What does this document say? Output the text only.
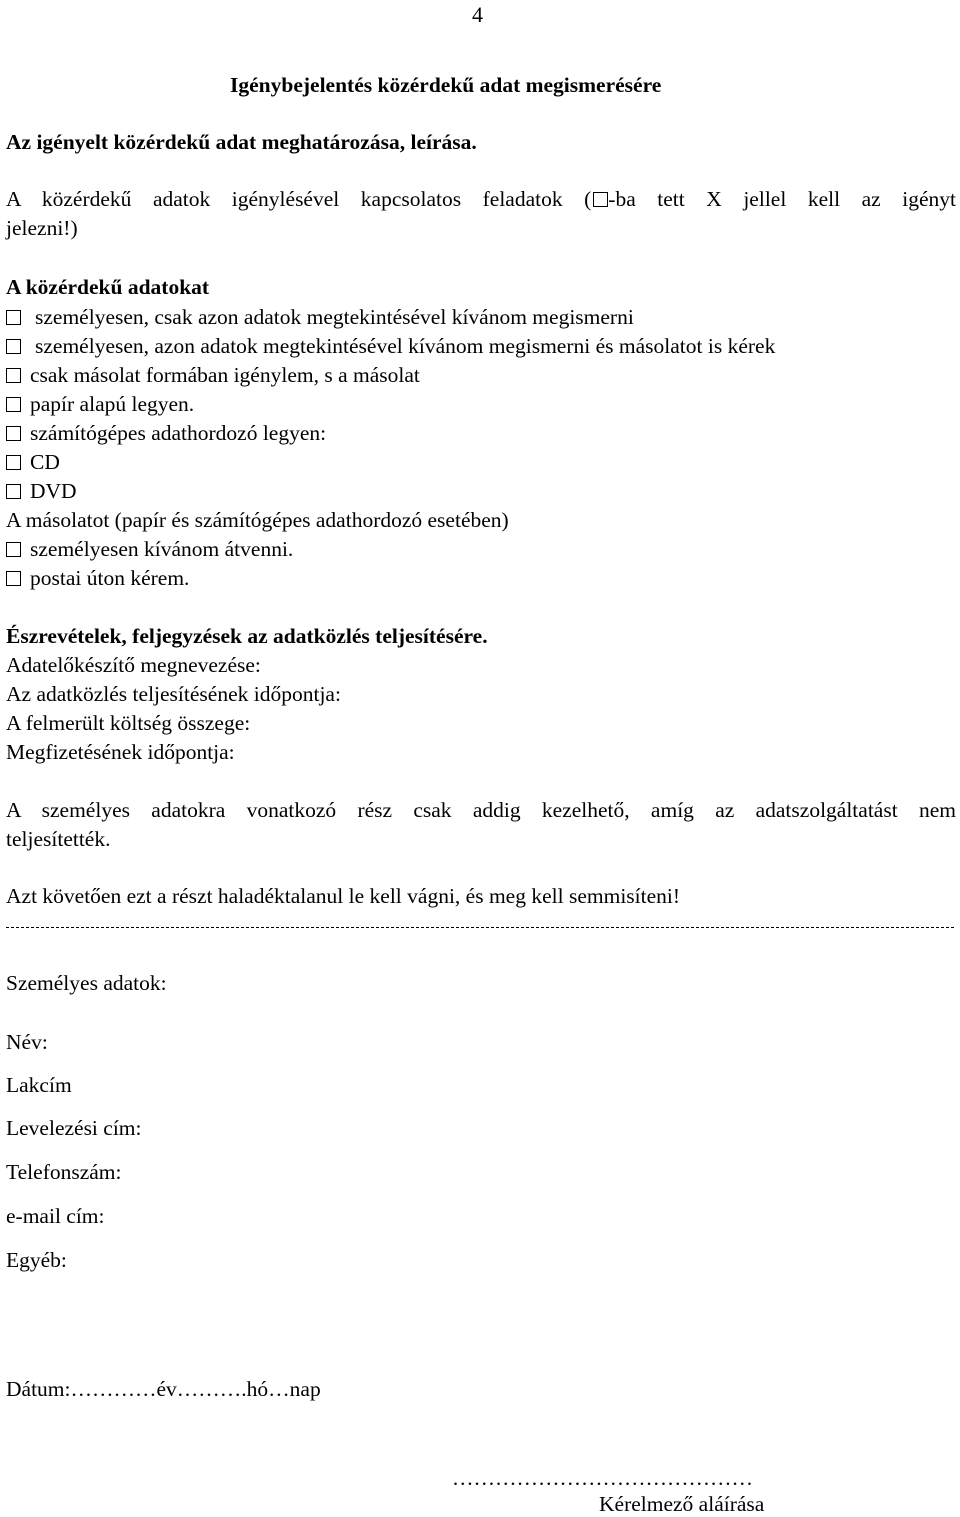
4
Igénybejelentés közérdekű adat megismerésére
Az igényelt közérdekű adat meghatározása, leírása.
A közérdekű adatok igénylésével kapcsolatos feladatok ( -ba tett X jellel kell az igényt
jelezni!)
A közérdekű adatokat
személyesen, csak azon adatok megtekintésével kívánom megismerni
személyesen, azon adatok megtekintésével kívánom megismerni és másolatot is kérek
csak másolat formában igénylem, s a másolat
papír alapú legyen.
számítógépes adathordozó legyen:
CD
DVD
A másolatot (papír és számítógépes adathordozó esetében)
személyesen kívánom átvenni.
postai úton kérem.
Észrevételek, feljegyzések az adatközlés teljesítésére.
Adatelőkészítő megnevezése:
Az adatközlés teljesítésének időpontja:
A felmerült költség összege:
Megfizetésének időpontja:
A személyes adatokra vonatkozó rész csak addig kezelhető, amíg az adatszolgáltatást nem
teljesítették.
Azt követően ezt a részt haladéktalanul le kell vágni, és meg kell semmisíteni!
Személyes adatok:
Név:
Lakcím
Levelezési cím:
Telefonszám:
e-mail cím:
Egyéb:
Dátum:…………év……….hó…nap
……………………………………
Kérelmező aláírása
